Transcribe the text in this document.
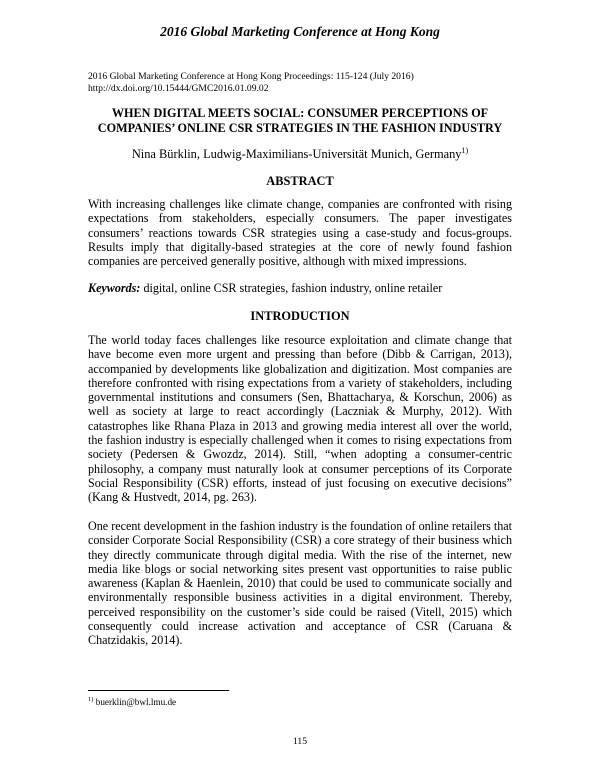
2016 Global Marketing Conference at Hong Kong
2016 Global Marketing Conference at Hong Kong Proceedings: 115-124 (July 2016)
http://dx.doi.org/10.15444/GMC2016.01.09.02
WHEN DIGITAL MEETS SOCIAL: CONSUMER PERCEPTIONS OF
COMPANIES’ ONLINE CSR STRATEGIES IN THE FASHION INDUSTRY
Nina Bürklin, Ludwig-Maximilians-Universität Munich, Germany$^{1)}$
ABSTRACT
With increasing challenges like climate change, companies are confronted with rising expectations from stakeholders, especially consumers. The paper investigates consumers’ reactions towards CSR strategies using a case-study and focus-groups. Results imply that digitally-based strategies at the core of newly found fashion companies are perceived generally positive, although with mixed impressions.
Keywords: digital, online CSR strategies, fashion industry, online retailer
INTRODUCTION
The world today faces challenges like resource exploitation and climate change that have become even more urgent and pressing than before (Dibb & Carrigan, 2013), accompanied by developments like globalization and digitization. Most companies are therefore confronted with rising expectations from a variety of stakeholders, including governmental institutions and consumers (Sen, Bhattacharya, & Korschun, 2006) as well as society at large to react accordingly (Laczniak & Murphy, 2012). With catastrophes like Rhana Plaza in 2013 and growing media interest all over the world, the fashion industry is especially challenged when it comes to rising expectations from society (Pedersen & Gwozdz, 2014). Still, “when adopting a consumer-centric philosophy, a company must naturally look at consumer perceptions of its Corporate Social Responsibility (CSR) efforts, instead of just focusing on executive decisions” (Kang & Hustvedt, 2014, pg. 263).
One recent development in the fashion industry is the foundation of online retailers that consider Corporate Social Responsibility (CSR) a core strategy of their business which they directly communicate through digital media. With the rise of the internet, new media like blogs or social networking sites present vast opportunities to raise public awareness (Kaplan & Haenlein, 2010) that could be used to communicate socially and environmentally responsible business activities in a digital environment. Thereby, perceived responsibility on the customer’s side could be raised (Vitell, 2015) which consequently could increase activation and acceptance of CSR (Caruana & Chatzidakis, 2014).
$^{1)}$ buerklin@bwl.lmu.de
115
